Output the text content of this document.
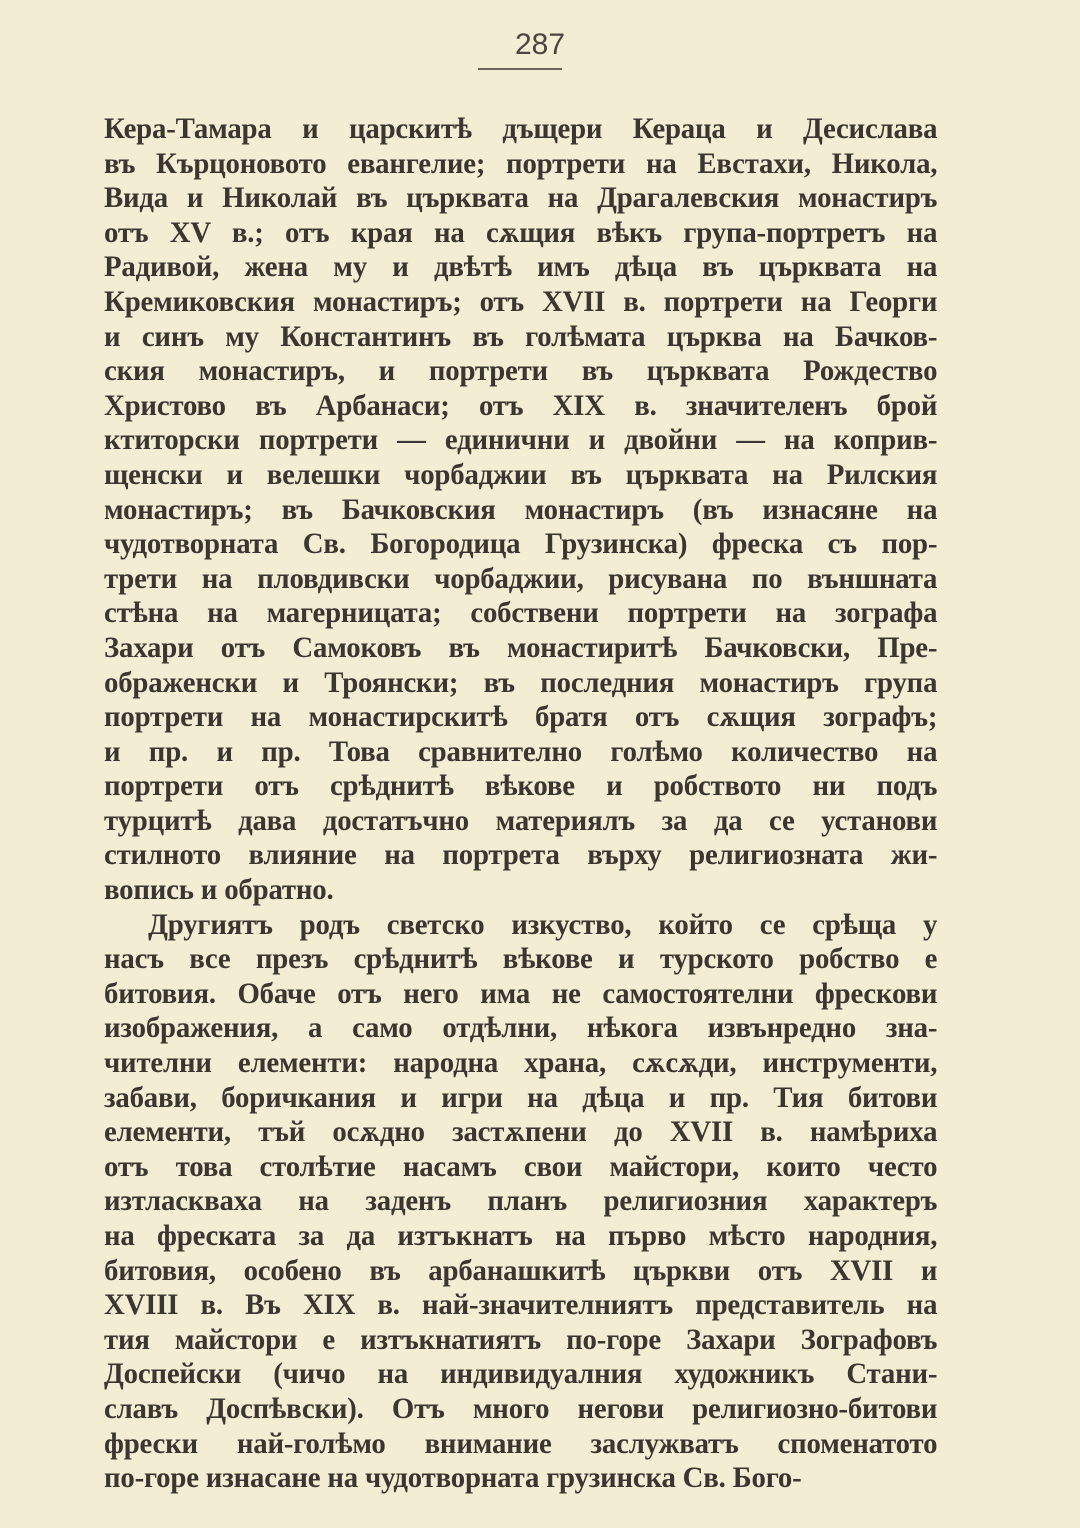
287
Кера-Тамара и царскитѣ дъщери Кераца и Десислава
въ Кърцоновото евангелие; портрети на Евстахи, Никола,
Вида и Николай въ църквата на Драгалевския монастиръ
отъ XV в.; отъ края на сѫщия вѣкъ група-портретъ на
Радивой, жена му и двѣтѣ имъ дѣца въ църквата на
Кремиковския монастиръ; отъ XVII в. портрети на Георги
и синъ му Константинъ въ голѣмата църква на Бачков-
ския монастиръ, и портрети въ църквата Рождество
Христово въ Арбанаси; отъ XIX в. значителенъ брой
ктиторски портрети — единични и двойни — на коприв-
щенски и велешки чорбаджии въ църквата на Рилския
монастиръ; въ Бачковския монастиръ (въ изнасяне на
чудотворната Св. Богородица Грузинска) фреска съ пор-
трети на пловдивски чорбаджии, рисувана по външната
стѣна на магерницата; собствени портрети на зографа
Захари отъ Самоковъ въ монастиритѣ Бачковски, Пре-
ображенски и Троянски; въ последния монастиръ група
портрети на монастирскитѣ братя отъ сѫщия зографъ;
и пр. и пр. Това сравнително голѣмо количество на
портрети отъ срѣднитѣ вѣкове и робството ни подъ
турцитѣ дава достатъчно материялъ за да се установи
стилното влияние на портрета върху религиозната жи-
вопись и обратно.
Другиятъ родъ светско изкуство, който се срѣща у
насъ все презъ срѣднитѣ вѣкове и турското робство е
битовия. Обаче отъ него има не самостоятелни фрескови
изображения, а само отдѣлни, нѣкога извънредно зна-
чителни елементи: народна храна, сѫсѫди, инструменти,
забави, боричкания и игри на дѣца и пр. Тия битови
елементи, тъй осѫдно застѫпени до XVII в. намѣриха
отъ това столѣтие насамъ свои майстори, които често
изтласкваха на заденъ планъ религиозния характеръ
на фреската за да изтъкнатъ на първо мѣсто народния,
битовия, особено въ арбанашкитѣ църкви отъ XVII и
XVIII в. Въ XIX в. най-значителниятъ представитель на
тия майстори е изтъкнатиятъ по-горе Захари Зографовъ
Доспейски (чичо на индивидуалния художникъ Стани-
славъ Доспѣвски). Отъ много негови религиозно-битови
фрески най-голѣмо внимание заслужватъ споменатото
по-горе изнасане на чудотворната грузинска Св. Бого-
